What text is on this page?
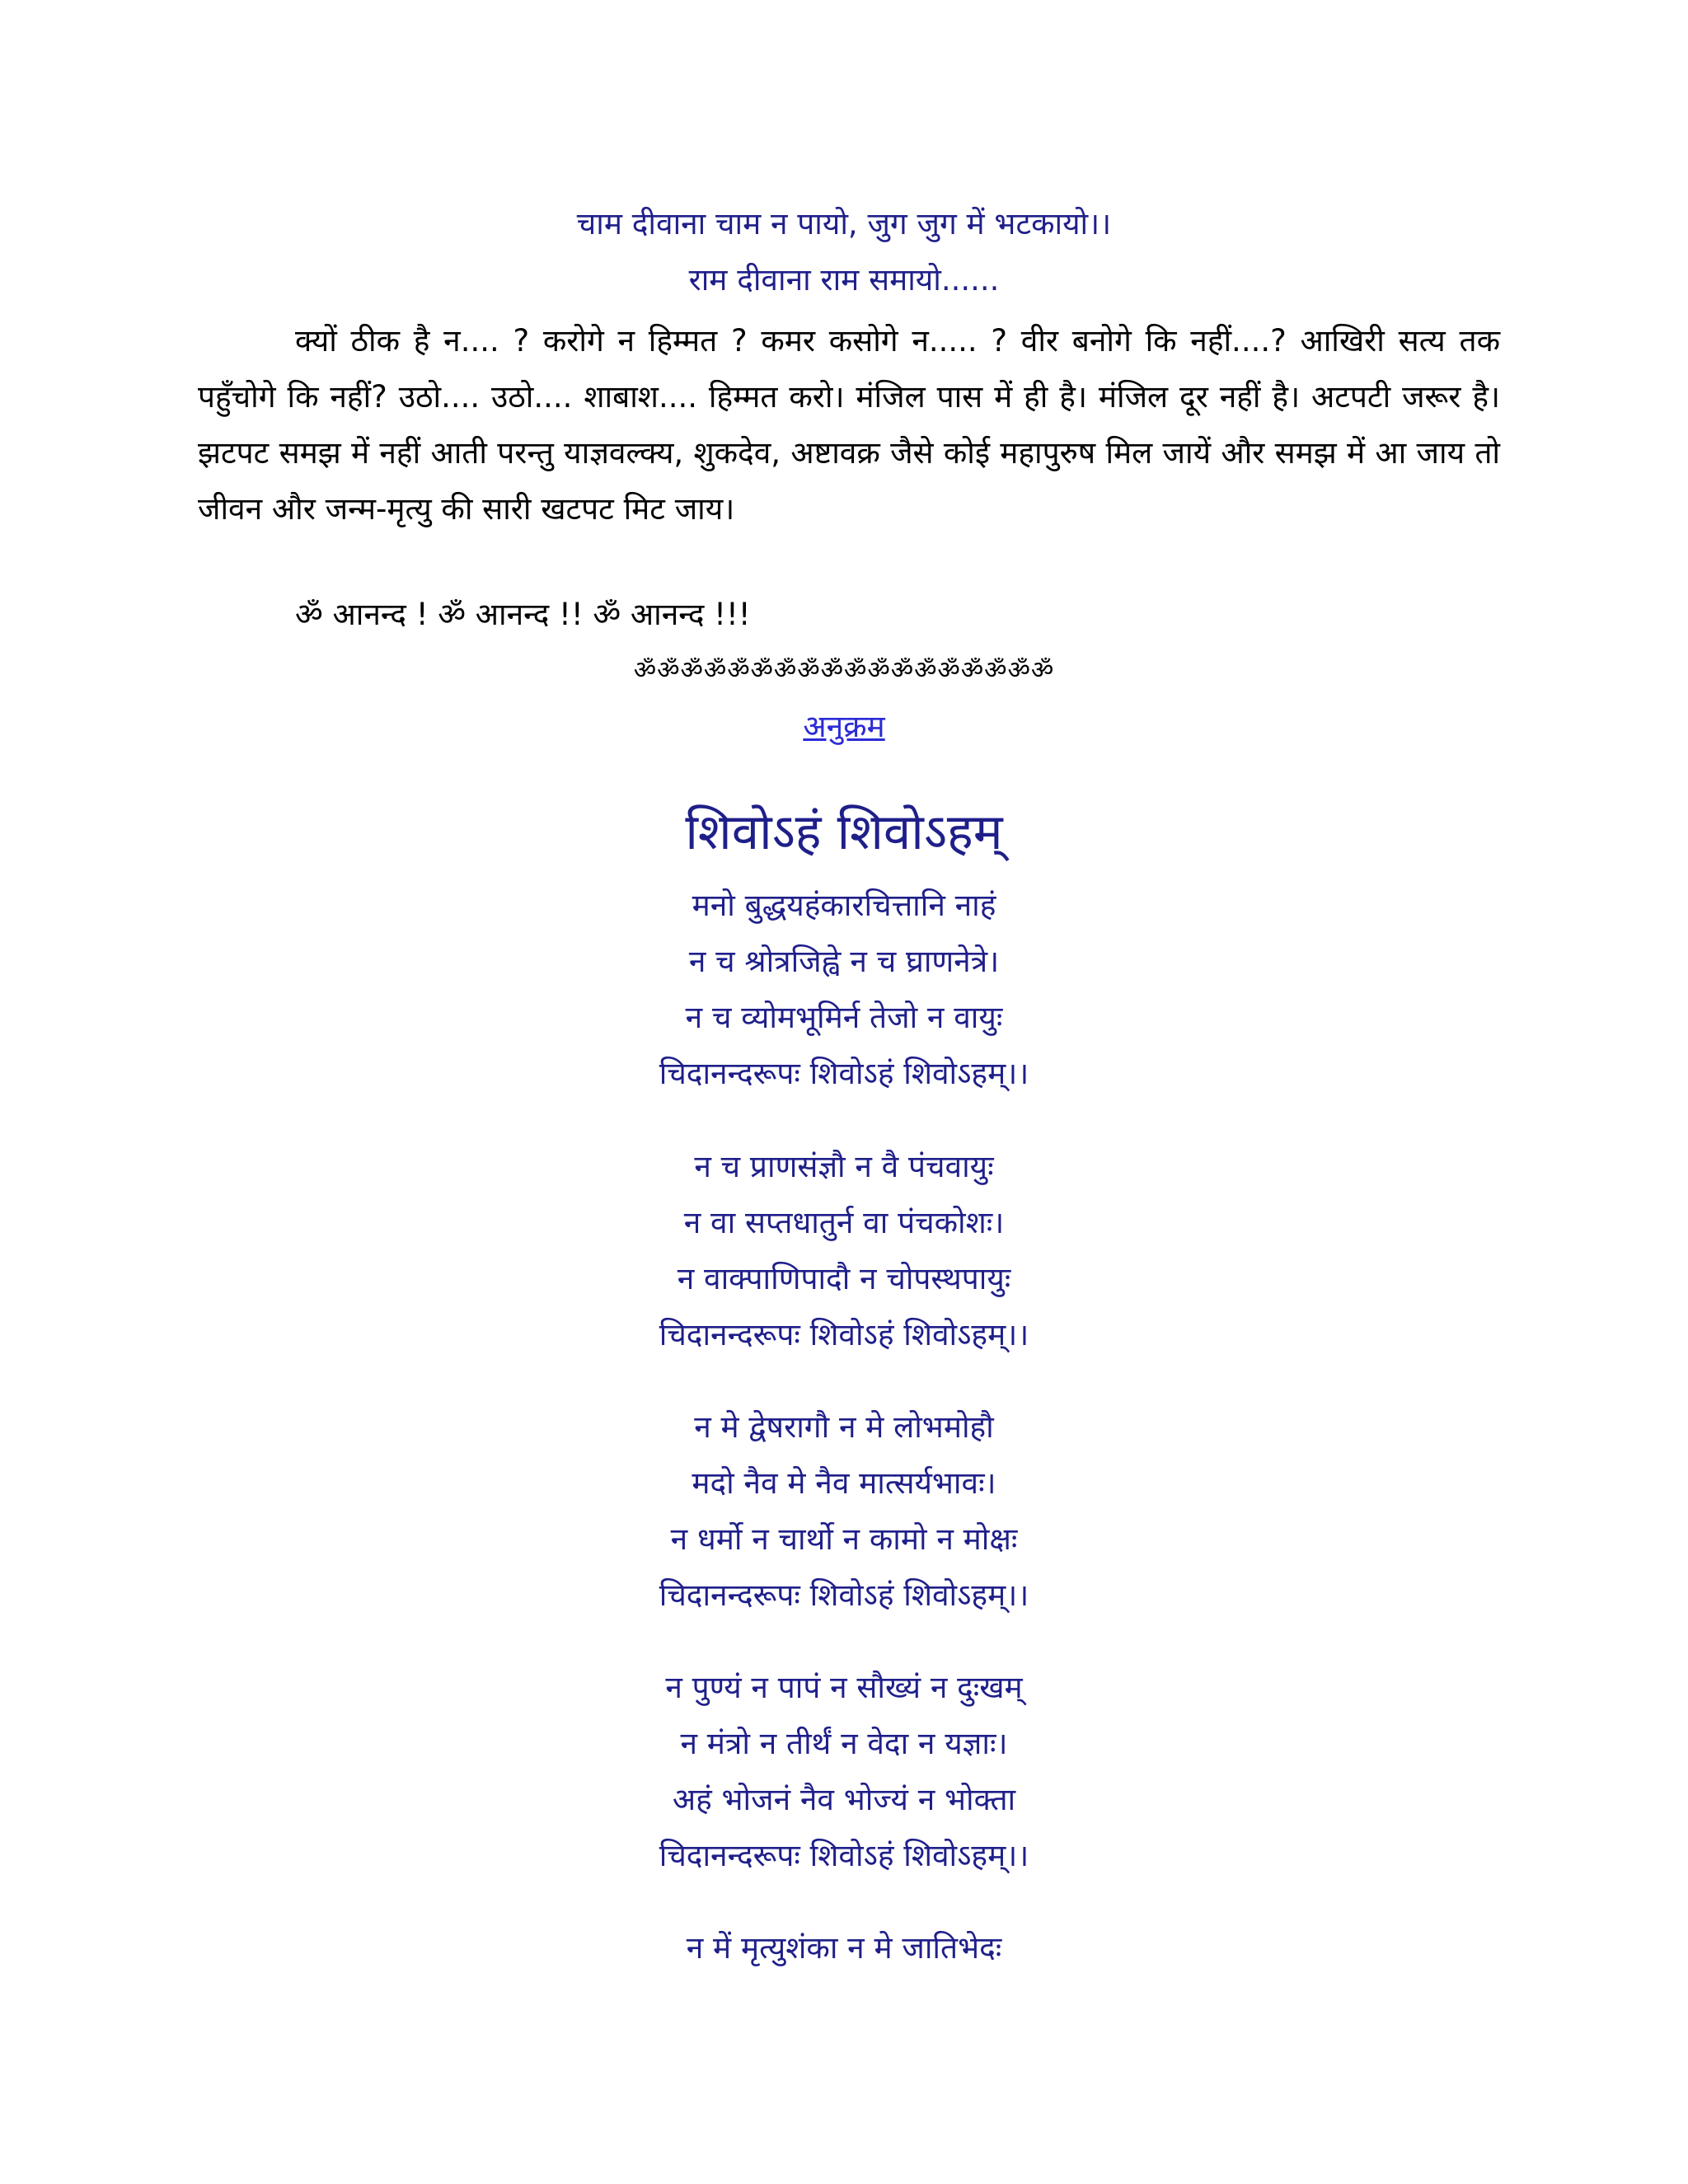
चाम दीवाना चाम न पायो, जुग जुग में भटकायो।।
राम दीवाना राम समायो......
क्यों ठीक है न.... ? करोगे न हिम्मत ? कमर कसोगे न..... ? वीर बनोगे कि नहीं....? आखिरी सत्य तक पहुँचोगे कि नहीं? उठो.... उठो.... शाबाश.... हिम्मत करो। मंजिल पास में ही है। मंजिल दूर नहीं है। अटपटी जरूर है। झटपट समझ में नहीं आती परन्तु याज्ञवल्क्य, शुकदेव, अष्टावक्र जैसे कोई महापुरुष मिल जायें और समझ में आ जाय तो जीवन और जन्म-मृत्यु की सारी खटपट मिट जाय।
ॐ आनन्द ! ॐ आनन्द !! ॐ आनन्द !!!
ॐॐॐॐॐॐॐॐॐॐॐॐॐॐॐॐॐॐ
अनुक्रम
शिवोऽहं शिवोऽहम्
मनो बुद्धयहंकारचित्तानि नाहं
न च श्रोत्रजिह्वे न च घ्राणनेत्रे।
न च व्योमभूमिर्न तेजो न वायुः
चिदानन्दरूपः शिवोऽहं शिवोऽहम्।।
न च प्राणसंज्ञौ न वै पंचवायुः
न वा सप्तधातुर्न वा पंचकोशः।
न वाक्पाणिपादौ न चोपस्थपायुः
चिदानन्दरूपः शिवोऽहं शिवोऽहम्।।
न मे द्वेषरागौ न मे लोभमोहौ
मदो नैव मे नैव मात्सर्यभावः।
न धर्मो न चार्थो न कामो न मोक्षः
चिदानन्दरूपः शिवोऽहं शिवोऽहम्।।
न पुण्यं न पापं न सौख्यं न दुःखम्
न मंत्रो न तीर्थं न वेदा न यज्ञाः।
अहं भोजनं नैव भोज्यं न भोक्ता
चिदानन्दरूपः शिवोऽहं शिवोऽहम्।।
न में मृत्युशंका न मे जातिभेदः
